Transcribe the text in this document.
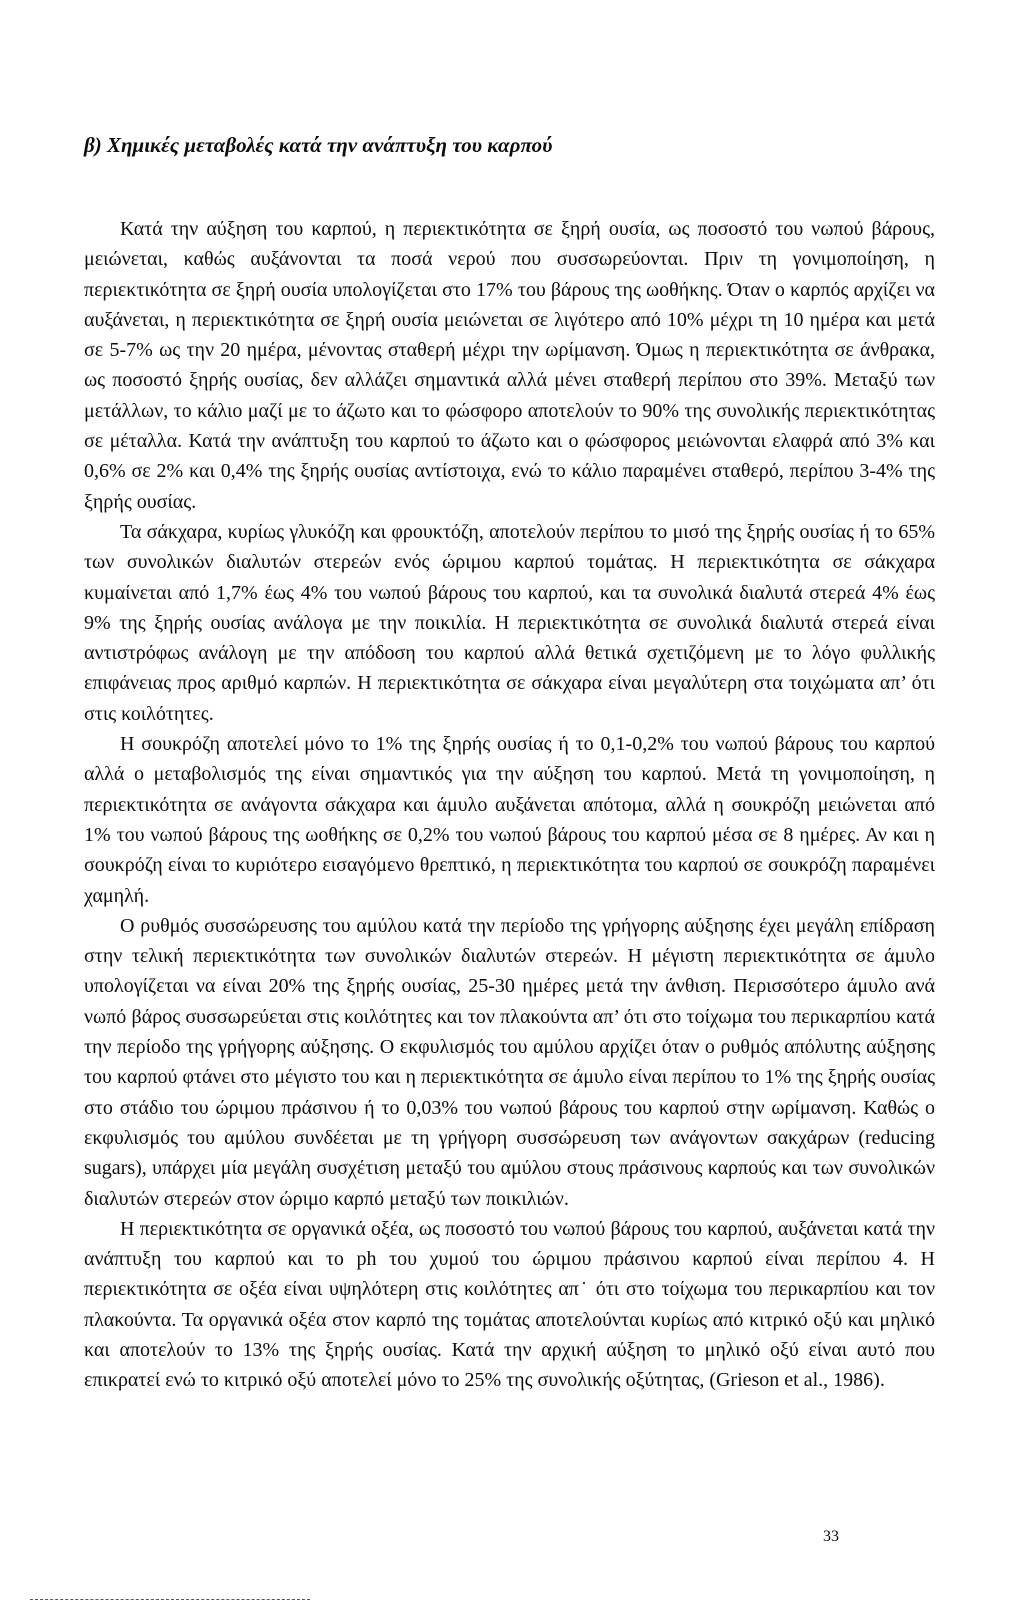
β) Χημικές μεταβολές κατά την ανάπτυξη του καρπού

Κατά την αύξηση του καρπού, η περιεκτικότητα σε ξηρή ουσία, ως ποσοστό του νωπού βάρους, μειώνεται, καθώς αυξάνονται τα ποσά νερού που συσσωρεύονται. Πριν τη γονιμοποίηση, η περιεκτικότητα σε ξηρή ουσία υπολογίζεται στο 17% του βάρους της ωοθήκης. Όταν ο καρπός αρχίζει να αυξάνεται, η περιεκτικότητα σε ξηρή ουσία μειώνεται σε λιγότερο από 10% μέχρι τη 10 ημέρα και μετά σε 5-7% ως την 20 ημέρα, μένοντας σταθερή μέχρι την ωρίμανση. Όμως η περιεκτικότητα σε άνθρακα, ως ποσοστό ξηρής ουσίας, δεν αλλάζει σημαντικά αλλά μένει σταθερή περίπου στο 39%. Μεταξύ των μετάλλων, το κάλιο μαζί με το άζωτο και το φώσφορο αποτελούν το 90% της συνολικής περιεκτικότητας σε μέταλλα. Κατά την ανάπτυξη του καρπού το άζωτο και ο φώσφορος μειώνονται ελαφρά από 3% και 0,6% σε 2% και 0,4% της ξηρής ουσίας αντίστοιχα, ενώ το κάλιο παραμένει σταθερό, περίπου 3-4% της ξηρής ουσίας.

Τα σάκχαρα, κυρίως γλυκόζη και φρουκτόζη, αποτελούν περίπου το μισό της ξηρής ουσίας ή το 65% των συνολικών διαλυτών στερεών ενός ώριμου καρπού τομάτας. Η περιεκτικότητα σε σάκχαρα κυμαίνεται από 1,7% έως 4% του νωπού βάρους του καρπού, και τα συνολικά διαλυτά στερεά 4% έως 9% της ξηρής ουσίας ανάλογα με την ποικιλία. Η περιεκτικότητα σε συνολικά διαλυτά στερεά είναι αντιστρόφως ανάλογη με την απόδοση του καρπού αλλά θετικά σχετιζόμενη με το λόγο φυλλικής επιφάνειας προς αριθμό καρπών. Η περιεκτικότητα σε σάκχαρα είναι μεγαλύτερη στα τοιχώματα απ’ ότι στις κοιλότητες.

Η σουκρόζη αποτελεί μόνο το 1% της ξηρής ουσίας ή το 0,1-0,2% του νωπού βάρους του καρπού αλλά ο μεταβολισμός της είναι σημαντικός για την αύξηση του καρπού. Μετά τη γονιμοποίηση, η περιεκτικότητα σε ανάγοντα σάκχαρα και άμυλο αυξάνεται απότομα, αλλά η σουκρόζη μειώνεται από 1% του νωπού βάρους της ωοθήκης σε 0,2% του νωπού βάρους του καρπού μέσα σε 8 ημέρες. Αν και η σουκρόζη είναι το κυριότερο εισαγόμενο θρεπτικό, η περιεκτικότητα του καρπού σε σουκρόζη παραμένει χαμηλή.

Ο ρυθμός συσσώρευσης του αμύλου κατά την περίοδο της γρήγορης αύξησης έχει μεγάλη επίδραση στην τελική περιεκτικότητα των συνολικών διαλυτών στερεών. Η μέγιστη περιεκτικότητα σε άμυλο υπολογίζεται να είναι 20% της ξηρής ουσίας, 25-30 ημέρες μετά την άνθιση. Περισσότερο άμυλο ανά νωπό βάρος συσσωρεύεται στις κοιλότητες και τον πλακούντα απ’ ότι στο τοίχωμα του περικαρπίου κατά την περίοδο της γρήγορης αύξησης. Ο εκφυλισμός του αμύλου αρχίζει όταν ο ρυθμός απόλυτης αύξησης του καρπού φτάνει στο μέγιστο του και η περιεκτικότητα σε άμυλο είναι περίπου το 1% της ξηρής ουσίας στο στάδιο του ώριμου πράσινου ή το 0,03% του νωπού βάρους του καρπού στην ωρίμανση. Καθώς ο εκφυλισμός του αμύλου συνδέεται με τη γρήγορη συσσώρευση των ανάγοντων σακχάρων (reducing sugars), υπάρχει μία μεγάλη συσχέτιση μεταξύ του αμύλου στους πράσινους καρπούς και των συνολικών διαλυτών στερεών στον ώριμο καρπό μεταξύ των ποικιλιών.

Η περιεκτικότητα σε οργανικά οξέα, ως ποσοστό του νωπού βάρους του καρπού, αυξάνεται κατά την ανάπτυξη του καρπού και το ph του χυμού του ώριμου πράσινου καρπού είναι περίπου 4. Η περιεκτικότητα σε οξέα είναι υψηλότερη στις κοιλότητες απ˙ ότι στο τοίχωμα του περικαρπίου και τον πλακούντα. Τα οργανικά οξέα στον καρπό της τομάτας αποτελούνται κυρίως από κιτρικό οξύ και μηλικό και αποτελούν το 13% της ξηρής ουσίας. Κατά την αρχική αύξηση το μηλικό οξύ είναι αυτό που επικρατεί ενώ το κιτρικό οξύ αποτελεί μόνο το 25% της συνολικής οξύτητας, (Grieson et al., 1986).

33
